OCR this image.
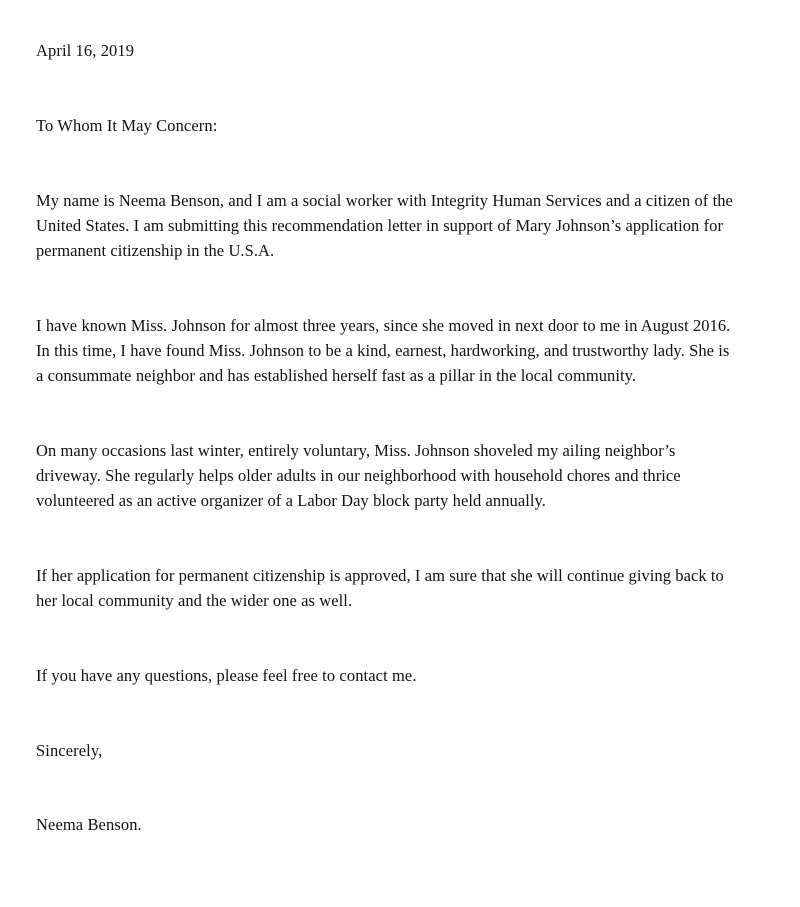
April 16, 2019

To Whom It May Concern:

My name is Neema Benson, and I am a social worker with Integrity Human Services and a citizen of the United States. I am submitting this recommendation letter in support of Mary Johnson’s application for permanent citizenship in the U.S.A.

I have known Miss. Johnson for almost three years, since she moved in next door to me in August 2016. In this time, I have found Miss. Johnson to be a kind, earnest, hardworking, and trustworthy lady. She is a consummate neighbor and has established herself fast as a pillar in the local community.

On many occasions last winter, entirely voluntary, Miss. Johnson shoveled my ailing neighbor’s driveway. She regularly helps older adults in our neighborhood with household chores and thrice volunteered as an active organizer of a Labor Day block party held annually.

If her application for permanent citizenship is approved, I am sure that she will continue giving back to her local community and the wider one as well.

If you have any questions, please feel free to contact me.

Sincerely,

Neema Benson.
